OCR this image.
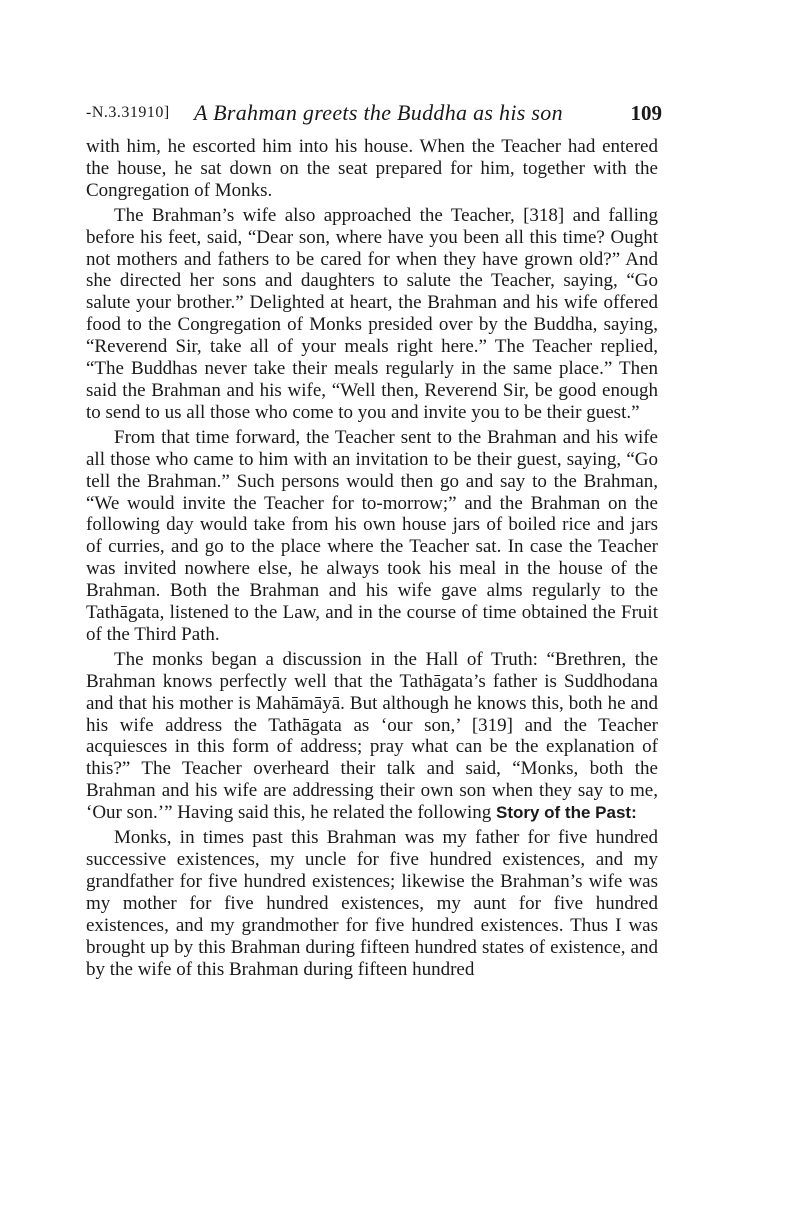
-N.3.31910] A Brahman greets the Buddha as his son	109

with him, he escorted him into his house. When the Teacher had entered the house, he sat down on the seat prepared for him, together with the Congregation of Monks.

The Brahman’s wife also approached the Teacher, [318] and falling before his feet, said, “Dear son, where have you been all this time? Ought not mothers and fathers to be cared for when they have grown old?” And she directed her sons and daughters to salute the Teacher, saying, “Go salute your brother.” Delighted at heart, the Brahman and his wife offered food to the Congregation of Monks presided over by the Buddha, saying, “Reverend Sir, take all of your meals right here.” The Teacher replied, “The Buddhas never take their meals regularly in the same place.” Then said the Brahman and his wife, “Well then, Reverend Sir, be good enough to send to us all those who come to you and invite you to be their guest.”

From that time forward, the Teacher sent to the Brahman and his wife all those who came to him with an invitation to be their guest, saying, “Go tell the Brahman.” Such persons would then go and say to the Brahman, “We would invite the Teacher for to-morrow;” and the Brahman on the following day would take from his own house jars of boiled rice and jars of curries, and go to the place where the Teacher sat. In case the Teacher was invited nowhere else, he always took his meal in the house of the Brahman. Both the Brahman and his wife gave alms regularly to the Tathāgata, listened to the Law, and in the course of time obtained the Fruit of the Third Path.

The monks began a discussion in the Hall of Truth: “Brethren, the Brahman knows perfectly well that the Tathāgata’s father is Suddhodana and that his mother is Mahāmāyā. But although he knows this, both he and his wife address the Tathāgata as ‘our son,’ [319] and the Teacher acquiesces in this form of address; pray what can be the explanation of this?” The Teacher overheard their talk and said, “Monks, both the Brahman and his wife are addressing their own son when they say to me, ‘Our son.’” Having said this, he related the following Story of the Past:

Monks, in times past this Brahman was my father for five hundred successive existences, my uncle for five hundred existences, and my grandfather for five hundred existences; likewise the Brahman’s wife was my mother for five hundred existences, my aunt for five hundred existences, and my grandmother for five hundred existences. Thus I was brought up by this Brahman during fifteen hundred states of existence, and by the wife of this Brahman during fifteen hundred
